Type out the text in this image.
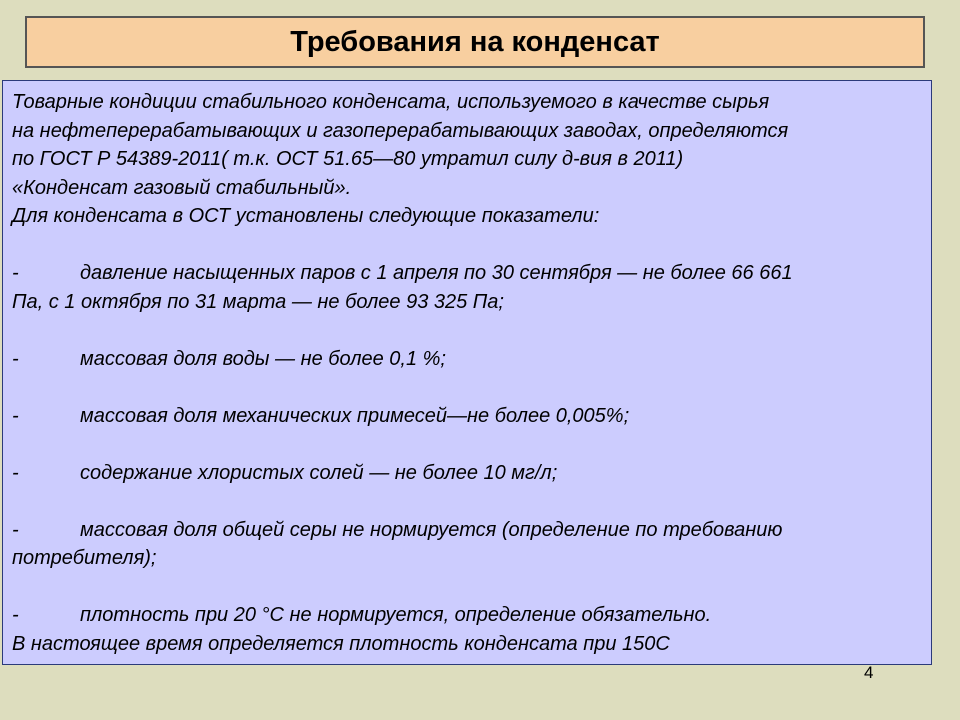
Требования на конденсат
Товарные кондиции стабильного конденсата, используемого в качестве сырья
на нефтеперерабатывающих и газоперерабатывающих заводах, определяются
по ГОСТ Р 54389-2011( т.к. ОСТ 51.65—80 утратил силу д-вия в 2011)
«Конденсат газовый стабильный».
Для конденсата в ОСТ установлены следующие показатели:
-	давление насыщенных паров с 1 апреля по 30 сентября — не более 66 661
Па, с 1 октября по 31 марта — не более 93 325 Па;
-	массовая доля воды — не более 0,1 %;
-	массовая доля механических примесей—не более 0,005%;
-	содержание хлористых солей — не более 10 мг/л;
-	массовая доля общей серы не нормируется (определение по требованию
потребителя);
-	плотность при 20 °С не нормируется, определение обязательно.
В настоящее время определяется плотность конденсата при 150С
4
